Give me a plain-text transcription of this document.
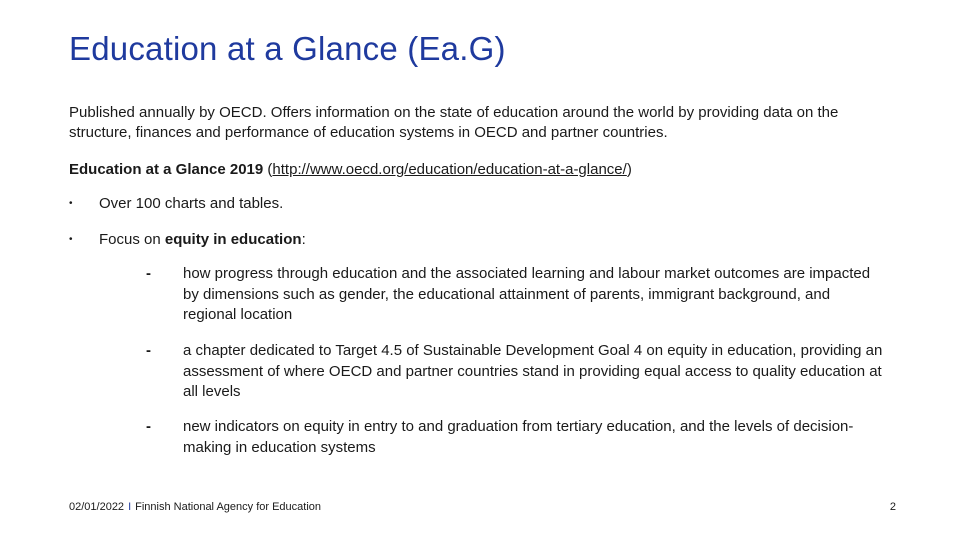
Education at a Glance (Ea.G)
Published annually by OECD. Offers information on the state of education around the world by providing data on the structure, finances and performance of education systems in OECD and partner countries.
Education at a Glance 2019 (http://www.oecd.org/education/education-at-a-glance/)
• Over 100 charts and tables.
• Focus on equity in education:
- how progress through education and the associated learning and labour market outcomes are impacted by dimensions such as gender, the educational attainment of parents, immigrant background, and regional location
- a chapter dedicated to Target 4.5 of Sustainable Development Goal 4 on equity in education, providing an assessment of where OECD and partner countries stand in providing equal access to quality education at all levels
- new indicators on equity in entry to and graduation from tertiary education, and the levels of decision-making in education systems
02/01/2022 I Finnish National Agency for Education	2
